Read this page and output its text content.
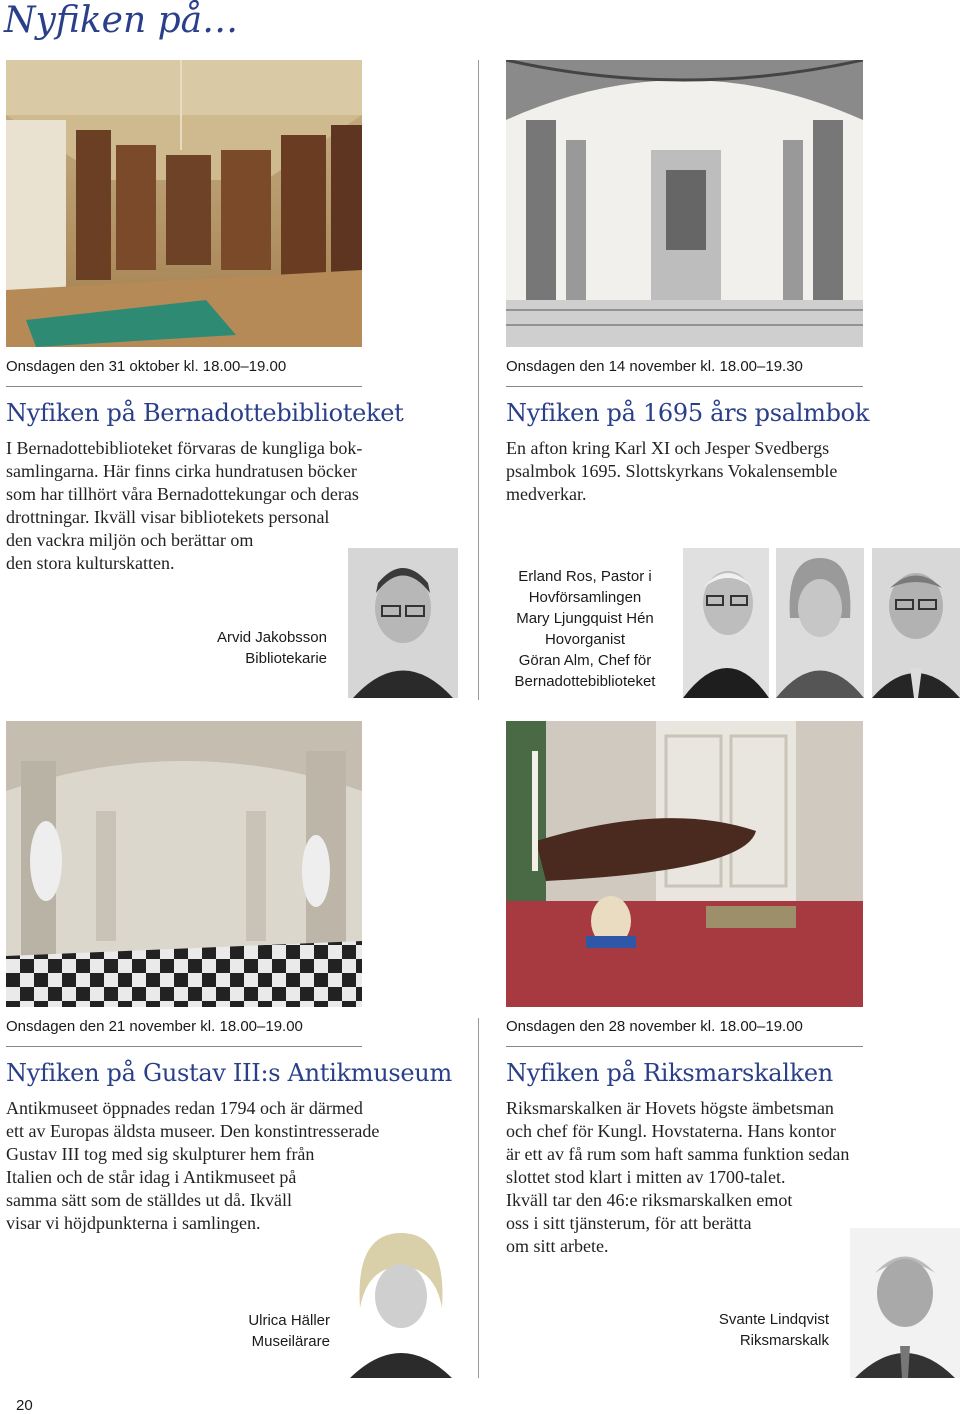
Nyfiken på…
Onsdagen den 31 oktober kl. 18.00–19.00
Nyfiken på Bernadottebiblioteket

I Bernadottebiblioteket förvaras de kungliga bok-

samlingarna. Här finns cirka hundratusen böcker

som har tillhört våra Bernadottekungar och deras

drottningar. Ikväll visar bibliotekets personal

den vackra miljön och berättar om

den stora kulturskatten.

Arvid Jakobsson
Bibliotekarie
Onsdagen den 14 november kl. 18.00–19.30
Nyfiken på 1695 års psalmbok

En afton kring Karl XI och Jesper Svedbergs

psalmbok 1695. Slottskyrkans Vokalensemble

medverkar.

Erland Ros, Pastor i
Hovförsamlingen
Mary Ljungquist Hén
Hovorganist
Göran Alm, Chef för
Bernadottebiblioteket
Onsdagen den 21 november kl. 18.00–19.00
Nyfiken på Gustav III:s Antikmuseum

Antikmuseet öppnades redan 1794 och är därmed

ett av Europas äldsta museer. Den konstintresserade

Gustav III tog med sig skulpturer hem från

Italien och de står idag i Antikmuseet på

samma sätt som de ställdes ut då. Ikväll

visar vi höjdpunkterna i samlingen.

Ulrica Häller
Museilärare
Onsdagen den 28 november kl. 18.00–19.00
Nyfiken på Riksmarskalken

Riksmarskalken är Hovets högste ämbetsman

och chef för Kungl. Hovstaterna. Hans kontor

är ett av få rum som haft samma funktion sedan

slottet stod klart i mitten av 1700-talet.

Ikväll tar den 46:e riksmarskalken emot

oss i sitt tjänsterum, för att berätta

om sitt arbete.

Svante Lindqvist
Riksmarskalk
20
